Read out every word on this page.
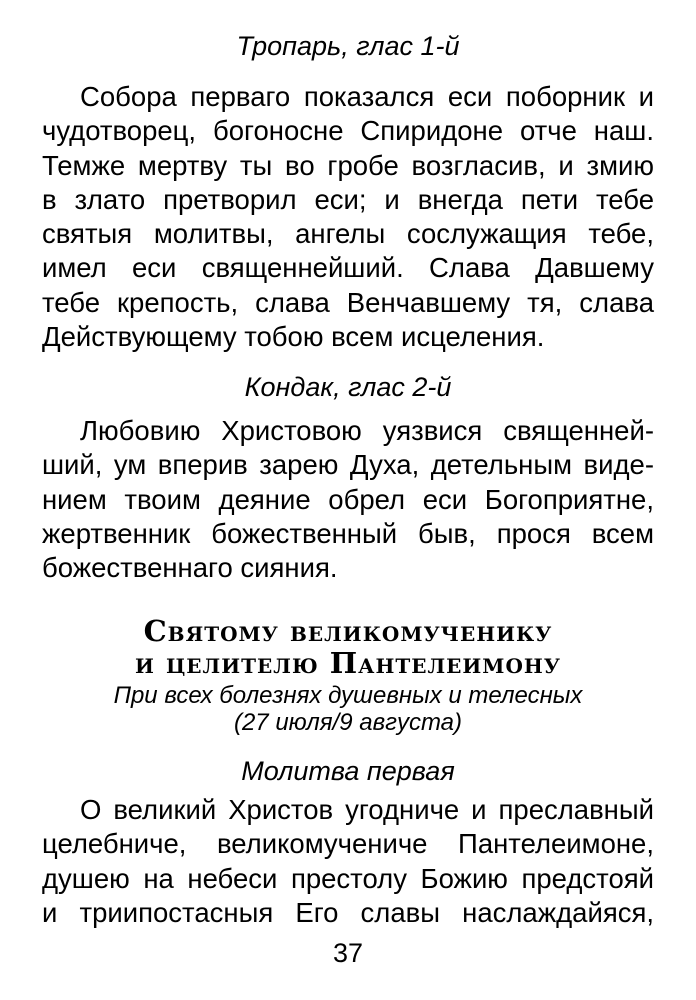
Тропарь, глас 1-й

Собора перваго показался еси поборник и
чудотворец, богоносне Спиридоне отче наш.
Темже мертву ты во гробе возгласив, и змию
в злато претворил еси; и внегда пети тебе
святыя молитвы, ангелы сослужащия тебе,
имел еси священнейший. Слава Давшему
тебе крепость, слава Венчавшему тя, слава
Действующему тобою всем исцеления.

Кондак, глас 2-й

Любовию Христовою уязвися священней-
ший, ум вперив зарею Духа, детельным виде-
нием твоим деяние обрел еси Богоприятне,
жертвенник божественный быв, прося всем
божественнаго сияния.

Святому великомученику

и целителю Пантелеимону

При всех болезнях душевных и телесных

(27 июля/9 августа)

Молитва первая

О великий Христов угодниче и преславный
целебниче, великомучениче Пантелеимоне,
душею на небеси престолу Божию предстояй
и триипостасныя Его славы наслаждайяся,
37
